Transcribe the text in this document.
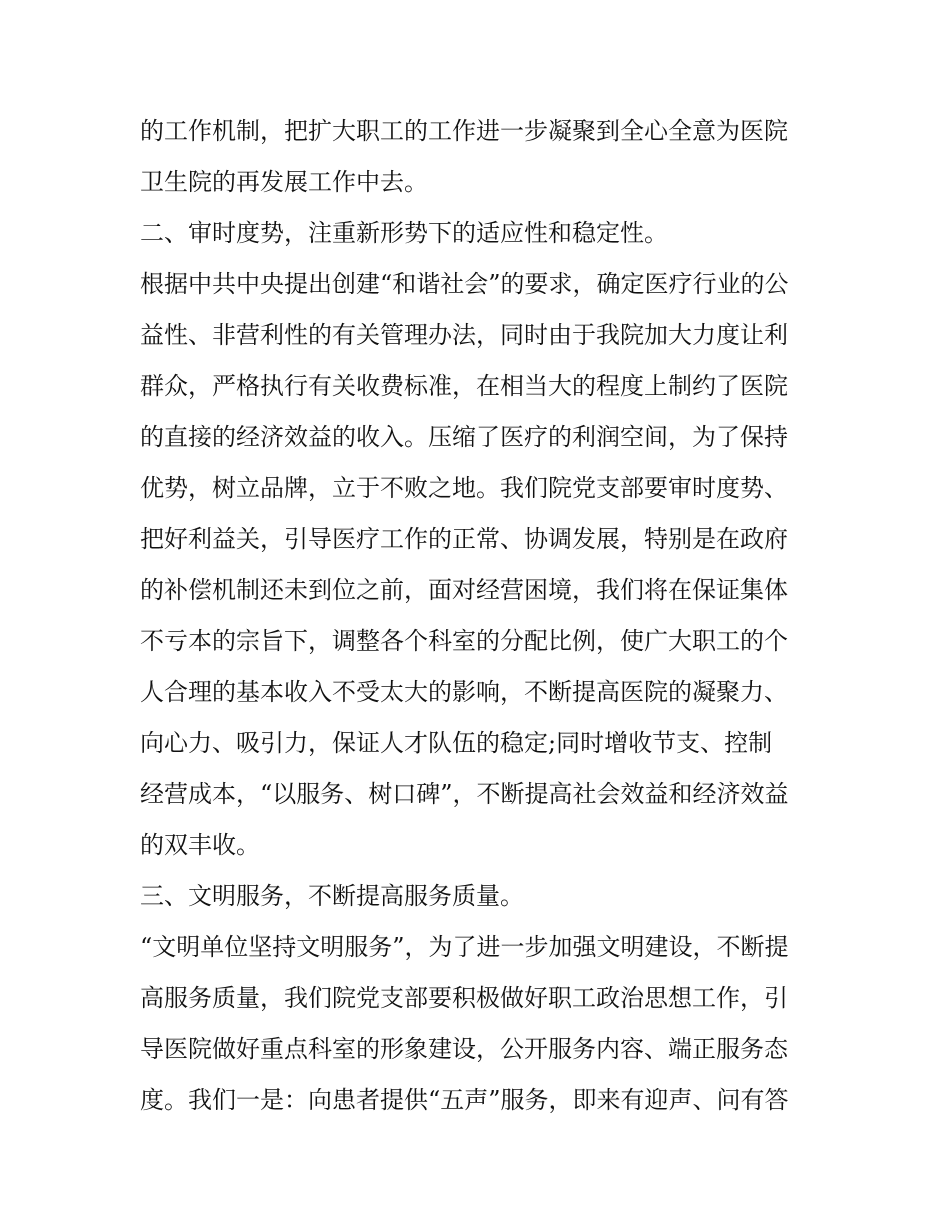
的工作机制，把扩大职工的工作进一步凝聚到全心全意为医院
卫生院的再发展工作中去。
二、审时度势，注重新形势下的适应性和稳定性。
根据中共中央提出创建“和谐社会”的要求，确定医疗行业的公
益性、非营利性的有关管理办法，同时由于我院加大力度让利
群众，严格执行有关收费标准，在相当大的程度上制约了医院
的直接的经济效益的收入。压缩了医疗的利润空间，为了保持
优势，树立品牌，立于不败之地。我们院党支部要审时度势、
把好利益关，引导医疗工作的正常、协调发展，特别是在政府
的补偿机制还未到位之前，面对经营困境，我们将在保证集体
不亏本的宗旨下，调整各个科室的分配比例，使广大职工的个
人合理的基本收入不受太大的影响，不断提高医院的凝聚力、
向心力、吸引力，保证人才队伍的稳定;同时增收节支、控制
经营成本，“以服务、树口碑”，不断提高社会效益和经济效益
的双丰收。
三、文明服务，不断提高服务质量。
“文明单位坚持文明服务”，为了进一步加强文明建设，不断提
高服务质量，我们院党支部要积极做好职工政治思想工作，引
导医院做好重点科室的形象建设，公开服务内容、端正服务态
度。我们一是：向患者提供“五声”服务，即来有迎声、问有答
